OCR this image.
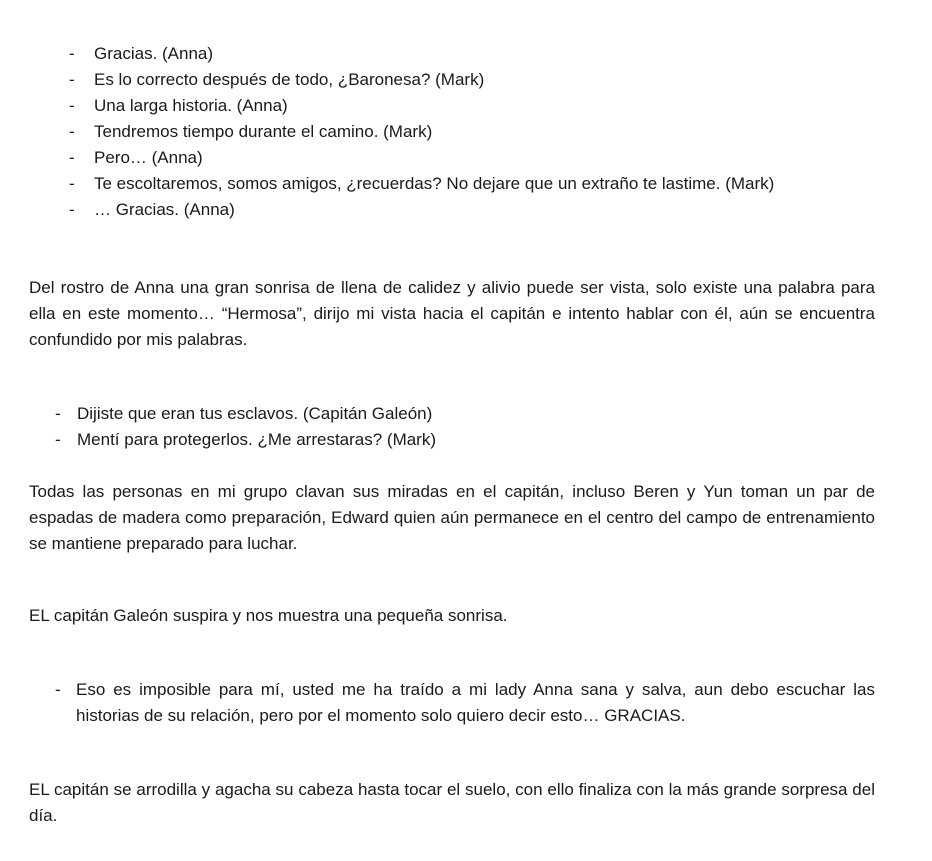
- Gracias. (Anna)
- Es lo correcto después de todo, ¿Baronesa? (Mark)
- Una larga historia. (Anna)
- Tendremos tiempo durante el camino. (Mark)
- Pero… (Anna)
- Te escoltaremos, somos amigos, ¿recuerdas? No dejare que un extraño te lastime. (Mark)
- … Gracias. (Anna)
Del rostro de Anna una gran sonrisa de llena de calidez y alivio puede ser vista, solo existe una palabra para ella en este momento… “Hermosa”, dirijo mi vista hacia el capitán e intento hablar con él, aún se encuentra confundido por mis palabras.
- Dijiste que eran tus esclavos. (Capitán Galeón)
- Mentí para protegerlos. ¿Me arrestaras? (Mark)
Todas las personas en mi grupo clavan sus miradas en el capitán, incluso Beren y Yun toman un par de espadas de madera como preparación, Edward quien aún permanece en el centro del campo de entrenamiento se mantiene preparado para luchar.
EL capitán Galeón suspira y nos muestra una pequeña sonrisa.
- Eso es imposible para mí, usted me ha traído a mi lady Anna sana y salva, aun debo escuchar las historias de su relación, pero por el momento solo quiero decir esto… GRACIAS.
EL capitán se arrodilla y agacha su cabeza hasta tocar el suelo, con ello finaliza con la más grande sorpresa del día.
